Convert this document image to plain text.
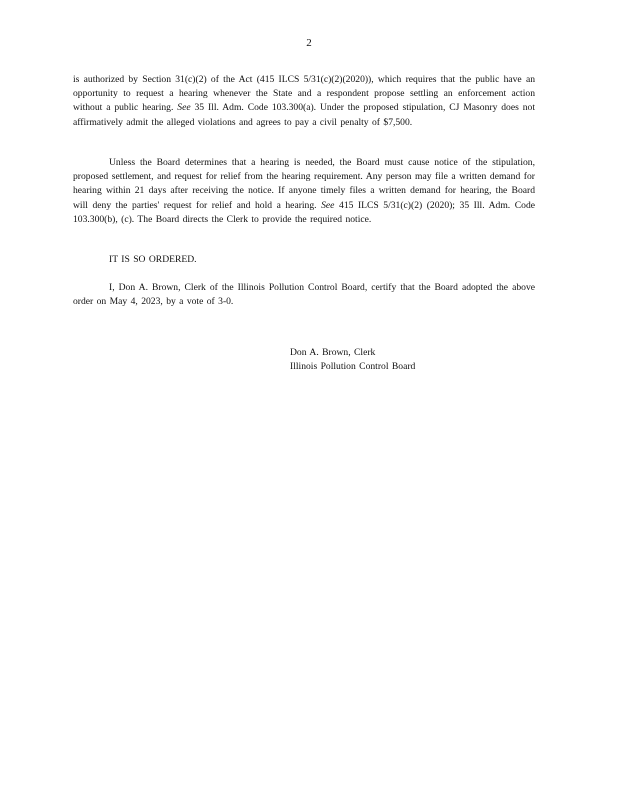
2

is authorized by Section 31(c)(2) of the Act (415 ILCS 5/31(c)(2)(2020)), which requires that the public have an opportunity to request a hearing whenever the State and a respondent propose settling an enforcement action without a public hearing. See 35 Ill. Adm. Code 103.300(a). Under the proposed stipulation, CJ Masonry does not affirmatively admit the alleged violations and agrees to pay a civil penalty of $7,500.

Unless the Board determines that a hearing is needed, the Board must cause notice of the stipulation, proposed settlement, and request for relief from the hearing requirement. Any person may file a written demand for hearing within 21 days after receiving the notice. If anyone timely files a written demand for hearing, the Board will deny the parties' request for relief and hold a hearing. See 415 ILCS 5/31(c)(2) (2020); 35 Ill. Adm. Code 103.300(b), (c). The Board directs the Clerk to provide the required notice.

IT IS SO ORDERED.

I, Don A. Brown, Clerk of the Illinois Pollution Control Board, certify that the Board adopted the above order on May 4, 2023, by a vote of 3-0.

Don A. Brown, Clerk
Illinois Pollution Control Board
